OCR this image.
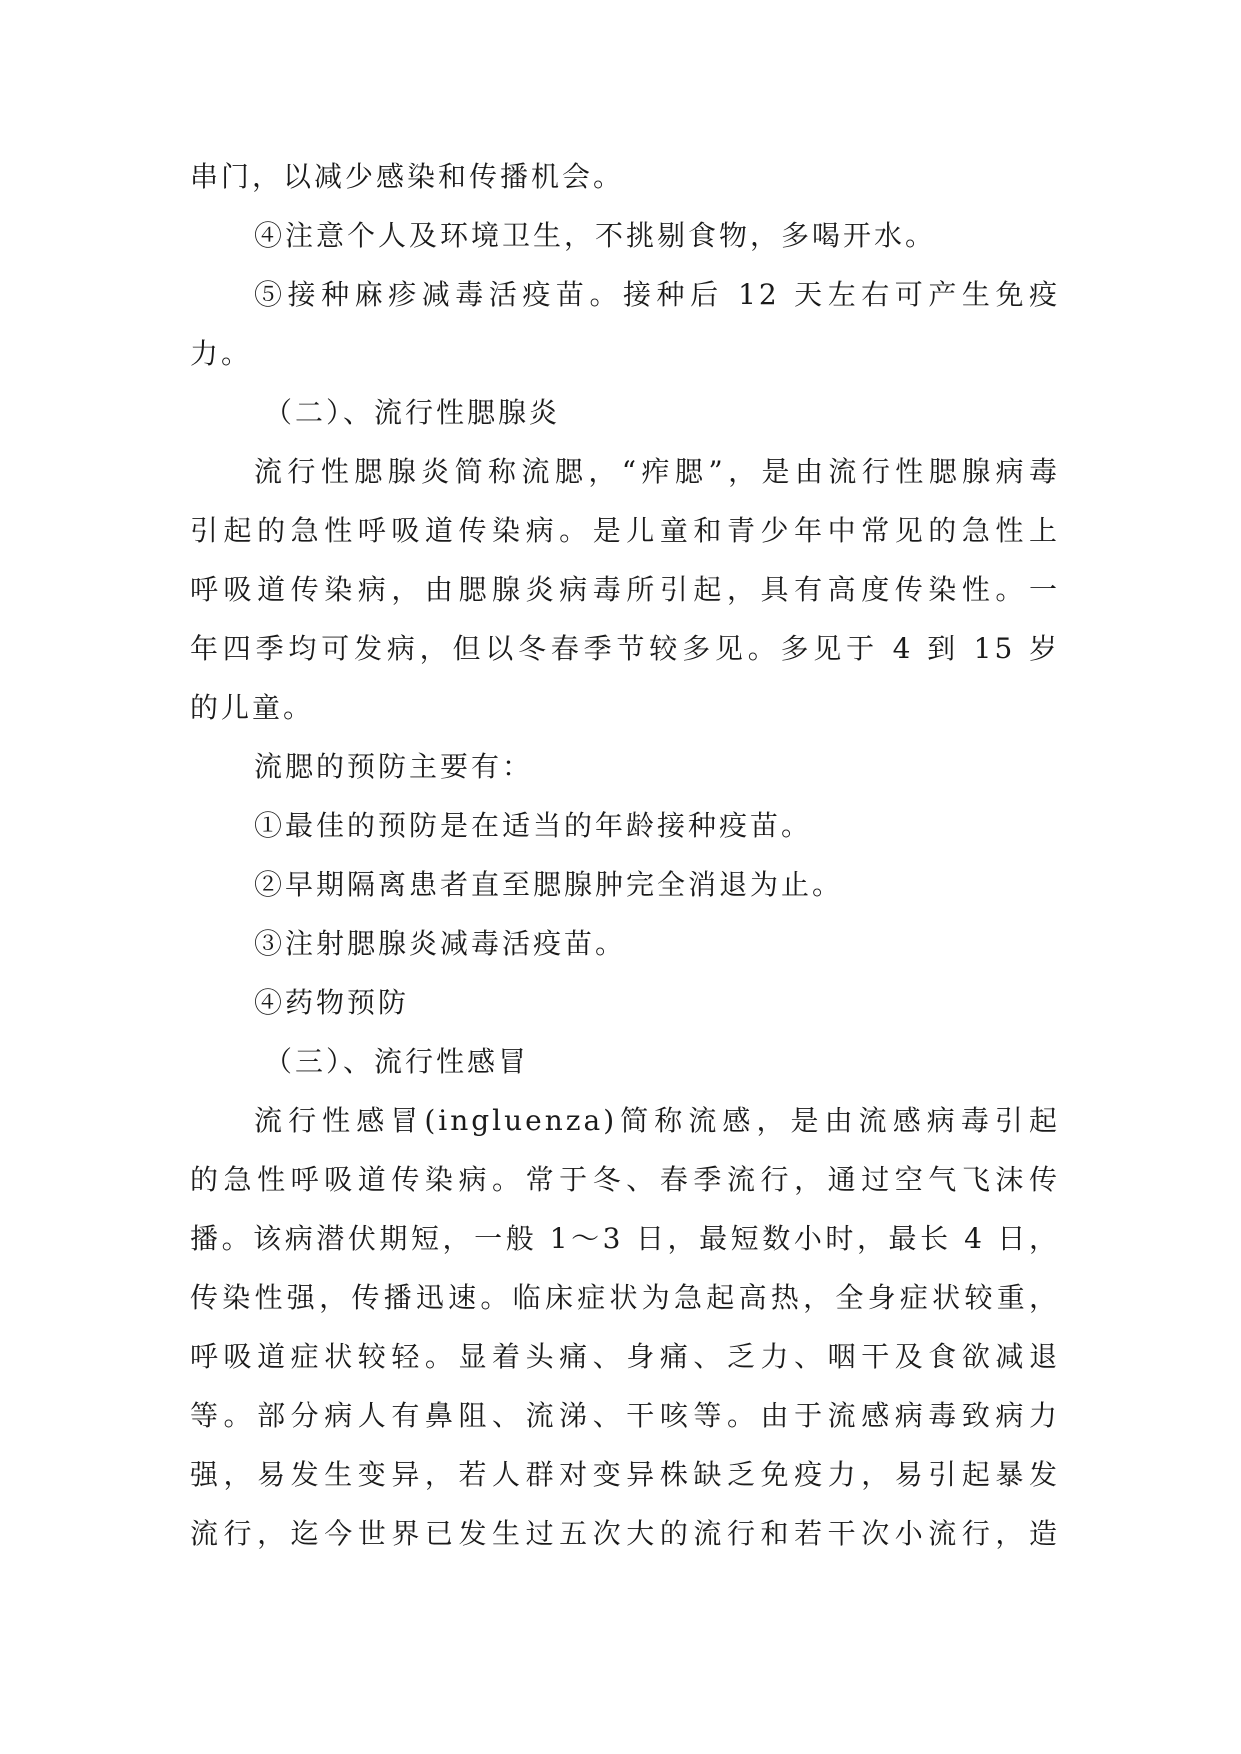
串门，以减少感染和传播机会。
④注意个人及环境卫生，不挑剔食物，多喝开水。
⑤接种麻疹减毒活疫苗。接种后 12 天左右可产生免疫
力。
（二）、流行性腮腺炎
流行性腮腺炎简称流腮，“痄腮”，是由流行性腮腺病毒
引起的急性呼吸道传染病。是儿童和青少年中常见的急性上
呼吸道传染病，由腮腺炎病毒所引起，具有高度传染性。一
年四季均可发病，但以冬春季节较多见。多见于 4 到 15 岁
的儿童。
流腮的预防主要有：
①最佳的预防是在适当的年龄接种疫苗。
②早期隔离患者直至腮腺肿完全消退为止。
③注射腮腺炎减毒活疫苗。
④药物预防
（三）、流行性感冒
流行性感冒(ingluenza)简称流感，是由流感病毒引起
的急性呼吸道传染病。常于冬、春季流行，通过空气飞沫传
播。该病潜伏期短，一般 1～3 日，最短数小时，最长 4 日，
传染性强，传播迅速。临床症状为急起高热，全身症状较重，
呼吸道症状较轻。显着头痛、身痛、乏力、咽干及食欲减退
等。部分病人有鼻阻、流涕、干咳等。由于流感病毒致病力
强，易发生变异，若人群对变异株缺乏免疫力，易引起暴发
流行，迄今世界已发生过五次大的流行和若干次小流行，造
